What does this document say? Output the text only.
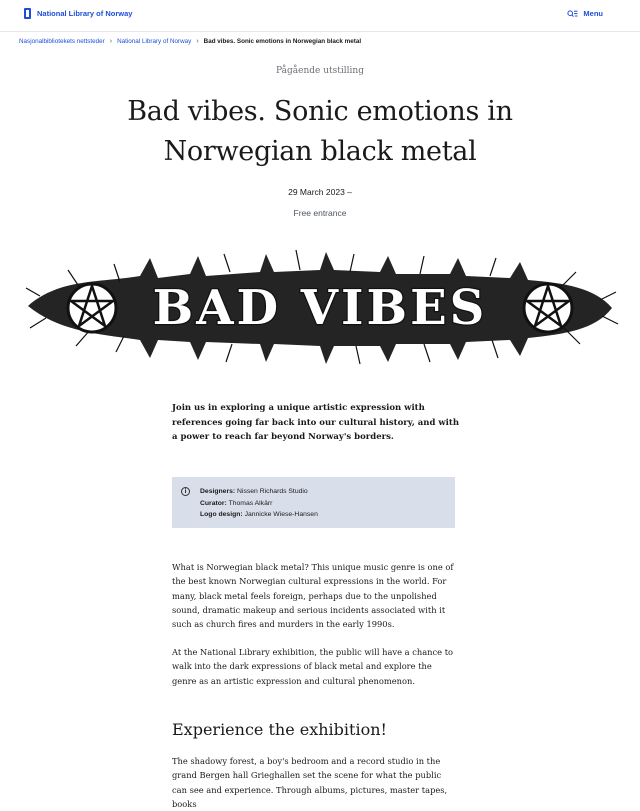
National Library of Norway	Menu
Nasjonalbibliotekets nettsteder › National Library of Norway › Bad vibes. Sonic emotions in Norwegian black metal
Pågående utstilling
Bad vibes. Sonic emotions in
Norwegian black metal
29 March 2023 –
Free entrance
BAD VIBES

Join us in exploring a unique artistic expression with references going far back into our cultural history, and with a power to reach far beyond Norway's borders.

i	Designers: Nissen Richards Studio
Curator: Thomas Alkärr
Logo design: Jannicke Wiese-Hansen

What is Norwegian black metal? This unique music genre is one of the best known Norwegian cultural expressions in the world. For many, black metal feels foreign, perhaps due to the unpolished sound, dramatic makeup and serious incidents associated with it such as church fires and murders in the early 1990s.

At the National Library exhibition, the public will have a chance to walk into the dark expressions of black metal and explore the genre as an artistic expression and cultural phenomenon.

Experience the exhibition!

The shadowy forest, a boy's bedroom and a record studio in the grand Bergen hall Grieghallen set the scene for what the public can see and experience. Through albums, pictures, master tapes, books
